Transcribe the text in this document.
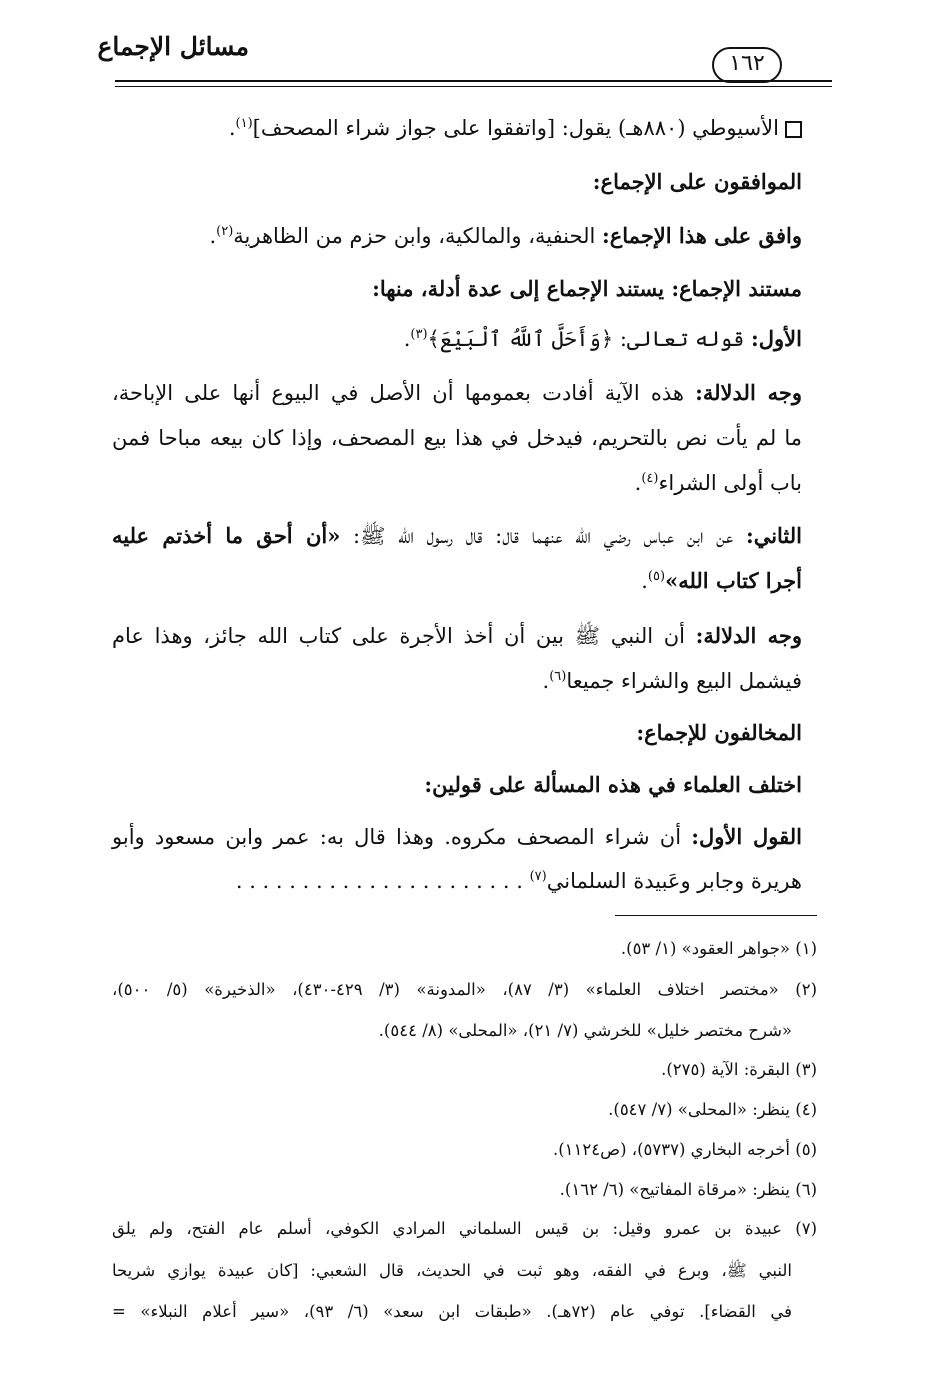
مسائل الإجماع
١٦٢
الأسيوطي (٨٨٠هـ) يقول: [واتفقوا على جواز شراء المصحف]$^{(١)}$.
الموافقون على الإجماع:
وافق على هذا الإجماع: الحنفية، والمالكية، وابن حزم من الظاهرية$^{(٢)}$.
مستند الإجماع: يستند الإجماع إلى عدة أدلة، منها:
الأول: قوله تعالى: ﴿وَأَحَلَّ ٱللَّهُ ٱلْبَيْعَ﴾$^{(٣)}$.
وجه الدلالة: هذه الآية أفادت بعمومها أن الأصل في البيوع أنها على الإباحة،
ما لم يأت نص بالتحريم، فيدخل في هذا بيع المصحف، وإذا كان بيعه مباحا فمن
باب أولى الشراء$^{(٤)}$.
الثاني: عن ابن عباس رضي الله عنهما قال: قال رسول الله ﷺ: «أن أحق ما أخذتم عليه
أجرا كتاب الله»$^{(٥)}$.
وجه الدلالة: أن النبي ﷺ بين أن أخذ الأجرة على كتاب الله جائز، وهذا عام
فيشمل البيع والشراء جميعا$^{(٦)}$.
المخالفون للإجماع:
اختلف العلماء في هذه المسألة على قولين:
القول الأول: أن شراء المصحف مكروه. وهذا قال به: عمر وابن مسعود وأبو
هريرة وجابر وعَبيدة السلماني$^{(٧)}$ . . . . . . . . . . . . . . . . . . . . . .
(١) «جواهر العقود» (١/ ٥٣).
(٢) «مختصر اختلاف العلماء» (٣/ ٨٧)، «المدونة» (٣/ ٤٢٩-٤٣٠)، «الذخيرة» (٥/ ٥٠٠)،
«شرح مختصر خليل» للخرشي (٧/ ٢١)، «المحلى» (٨/ ٥٤٤).
(٣) البقرة: الآية (٢٧٥).
(٤) ينظر: «المحلى» (٧/ ٥٤٧).
(٥) أخرجه البخاري (٥٧٣٧)، (ص١١٢٤).
(٦) ينظر: «مرقاة المفاتيح» (٦/ ١٦٢).
(٧) عبيدة بن عمرو وقيل: بن قيس السلماني المرادي الكوفي، أسلم عام الفتح، ولم يلق
النبي ﷺ، وبرع في الفقه، وهو ثبت في الحديث، قال الشعبي: [كان عبيدة يوازي شريحا
في القضاء]. توفي عام (٧٢هـ). «طبقات ابن سعد» (٦/ ٩٣)، «سير أعلام النبلاء» =
